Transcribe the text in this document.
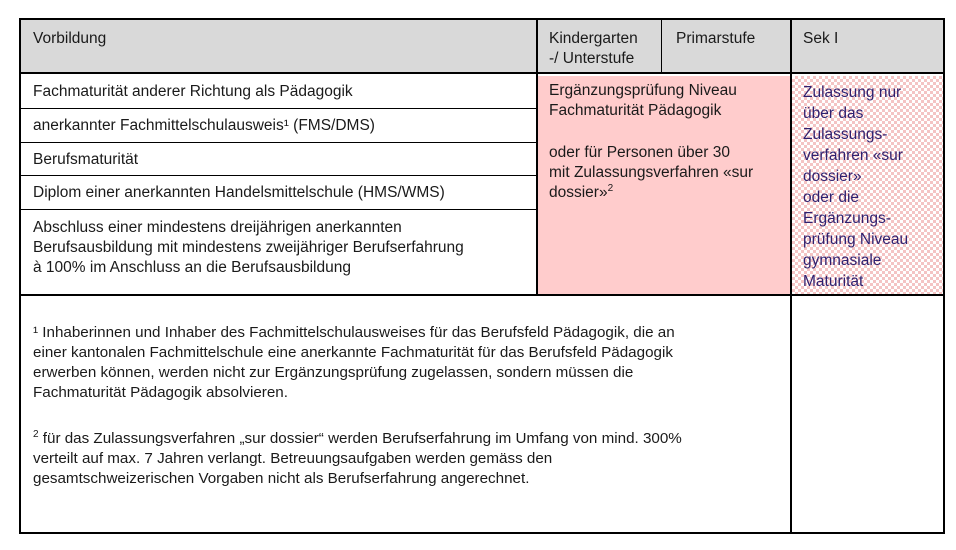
Vorbildung	Kindergarten
-/ Unterstufe
Primarstufe	Sek I
Fachmaturität anderer Richtung als Pädagogik
anerkannter Fachmittelschulausweis¹ (FMS/DMS)
Berufsmaturität
Diplom einer anerkannten Handelsmittelschule (HMS/WMS)
Abschluss einer mindestens dreijährigen anerkannten
Berufsausbildung mit mindestens zweijähriger Berufserfahrung
à 100% im Anschluss an die Berufsausbildung
Ergänzungsprüfung Niveau
Fachmaturität Pädagogik
oder für Personen über 30
mit Zulassungsverfahren «sur
dossier»$^2$
Zulassung nur
über das
Zulassungs-
verfahren «sur
dossier»
oder die
Ergänzungs-
prüfung Niveau
gymnasiale
Maturität
¹ Inhaberinnen und Inhaber des Fachmittelschulausweises für das Berufsfeld Pädagogik, die an
einer kantonalen Fachmittelschule eine anerkannte Fachmaturität für das Berufsfeld Pädagogik
erwerben können, werden nicht zur Ergänzungsprüfung zugelassen, sondern müssen die
Fachmaturität Pädagogik absolvieren.
$^2$ für das Zulassungsverfahren „sur dossier“ werden Berufserfahrung im Umfang von mind. 300%
verteilt auf max. 7 Jahren verlangt. Betreuungsaufgaben werden gemäss den
gesamtschweizerischen Vorgaben nicht als Berufserfahrung angerechnet.
